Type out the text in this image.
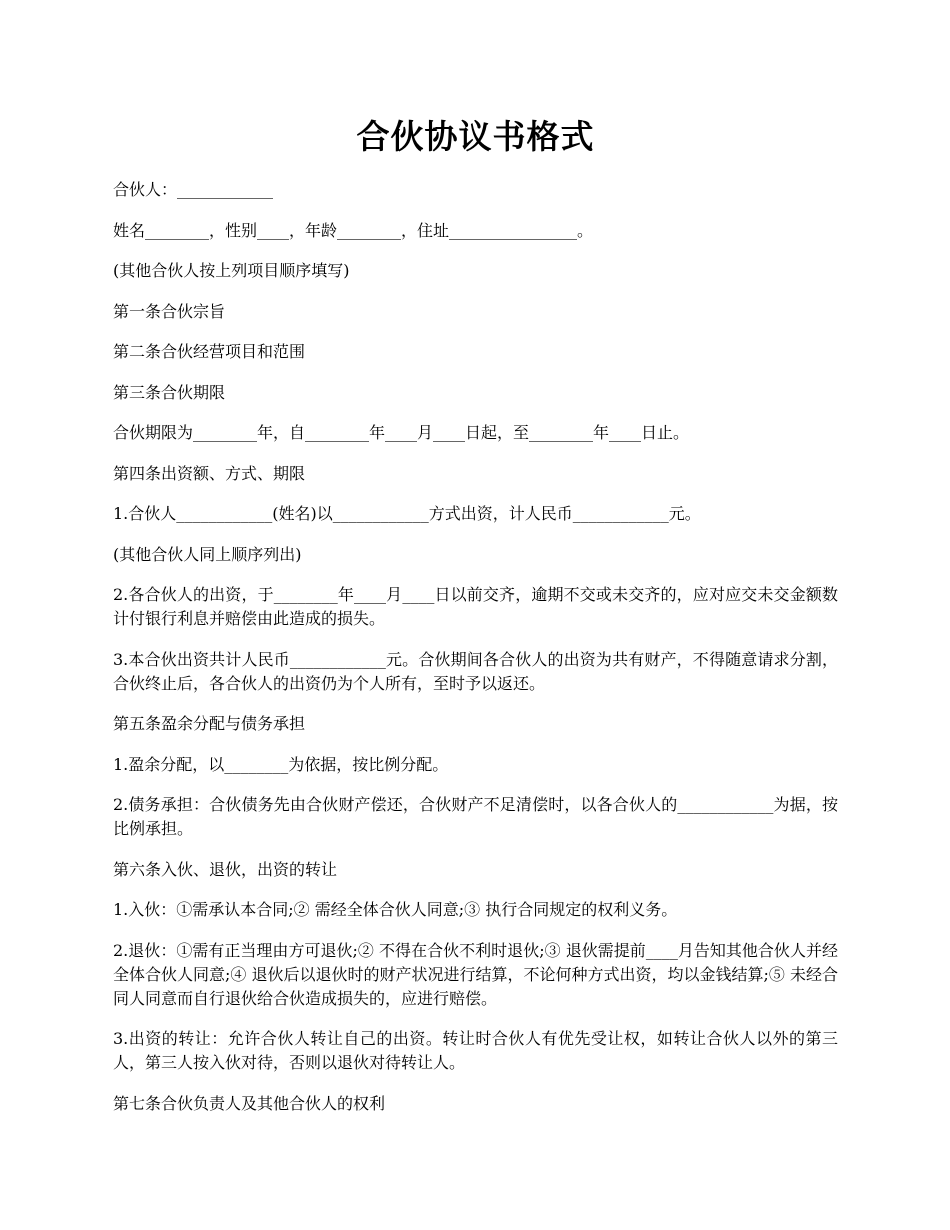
合伙协议书格式

合伙人：____________

姓名________，性别____，年龄________，住址________________。

(其他合伙人按上列项目顺序填写)

第一条合伙宗旨

第二条合伙经营项目和范围

第三条合伙期限

合伙期限为________年，自________年____月____日起，至________年____日止。

第四条出资额、方式、期限

1.合伙人____________(姓名)以____________方式出资，计人民币____________元。

(其他合伙人同上顺序列出)

2.各合伙人的出资，于________年____月____日以前交齐，逾期不交或未交齐的，应对应交未交金额数计付银行利息并赔偿由此造成的损失。

3.本合伙出资共计人民币____________元。合伙期间各合伙人的出资为共有财产，不得随意请求分割，合伙终止后，各合伙人的出资仍为个人所有，至时予以返还。

第五条盈余分配与债务承担

1.盈余分配，以________为依据，按比例分配。

2.债务承担：合伙债务先由合伙财产偿还，合伙财产不足清偿时，以各合伙人的____________为据，按比例承担。

第六条入伙、退伙，出资的转让

1.入伙：①需承认本合同;② 需经全体合伙人同意;③ 执行合同规定的权利义务。

2.退伙：①需有正当理由方可退伙;② 不得在合伙不利时退伙;③ 退伙需提前____月告知其他合伙人并经全体合伙人同意;④ 退伙后以退伙时的财产状况进行结算，不论何种方式出资，均以金钱结算;⑤ 未经合同人同意而自行退伙给合伙造成损失的，应进行赔偿。

3.出资的转让：允许合伙人转让自己的出资。转让时合伙人有优先受让权，如转让合伙人以外的第三人，第三人按入伙对待，否则以退伙对待转让人。

第七条合伙负责人及其他合伙人的权利
